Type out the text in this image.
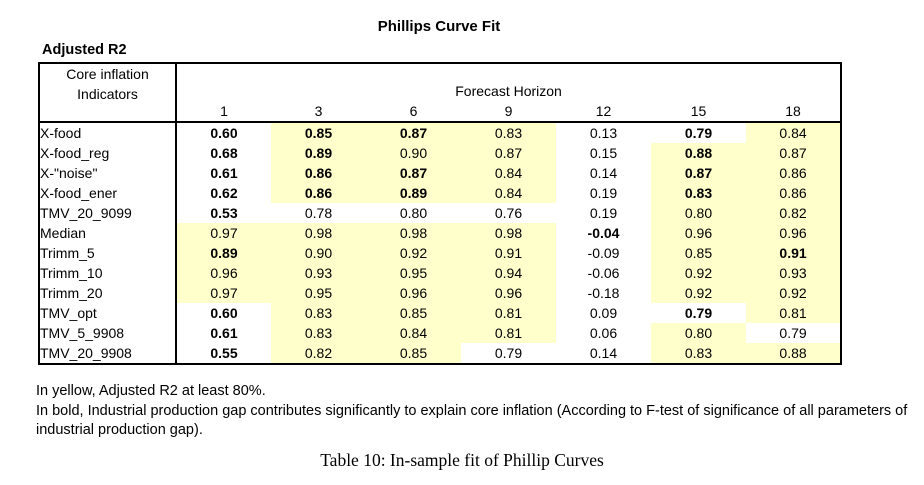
Phillips Curve Fit
Adjusted R2
Core inflation
Indicators	Forecast Horizon						
	1	3	6	9	12	15	18
X-food	0.60	0.85	0.87	0.83	0.13	0.79	0.84
X-food_reg	0.68	0.89	0.90	0.87	0.15	0.88	0.87
X-"noise"	0.61	0.86	0.87	0.84	0.14	0.87	0.86
X-food_ener	0.62	0.86	0.89	0.84	0.19	0.83	0.86
TMV_20_9099	0.53	0.78	0.80	0.76	0.19	0.80	0.82
Median	0.97	0.98	0.98	0.98	-0.04	0.96	0.96
Trimm_5	0.89	0.90	0.92	0.91	-0.09	0.85	0.91
Trimm_10	0.96	0.93	0.95	0.94	-0.06	0.92	0.93
Trimm_20	0.97	0.95	0.96	0.96	-0.18	0.92	0.92
TMV_opt	0.60	0.83	0.85	0.81	0.09	0.79	0.81
TMV_5_9908	0.61	0.83	0.84	0.81	0.06	0.80	0.79
TMV_20_9908	0.55	0.82	0.85	0.79	0.14	0.83	0.88
In yellow, Adjusted R2 at least 80%.
In bold, Industrial production gap contributes significantly to explain core inflation (According to F-test of significance of all parameters of industrial production gap).
Table 10: In-sample fit of Phillip Curves
